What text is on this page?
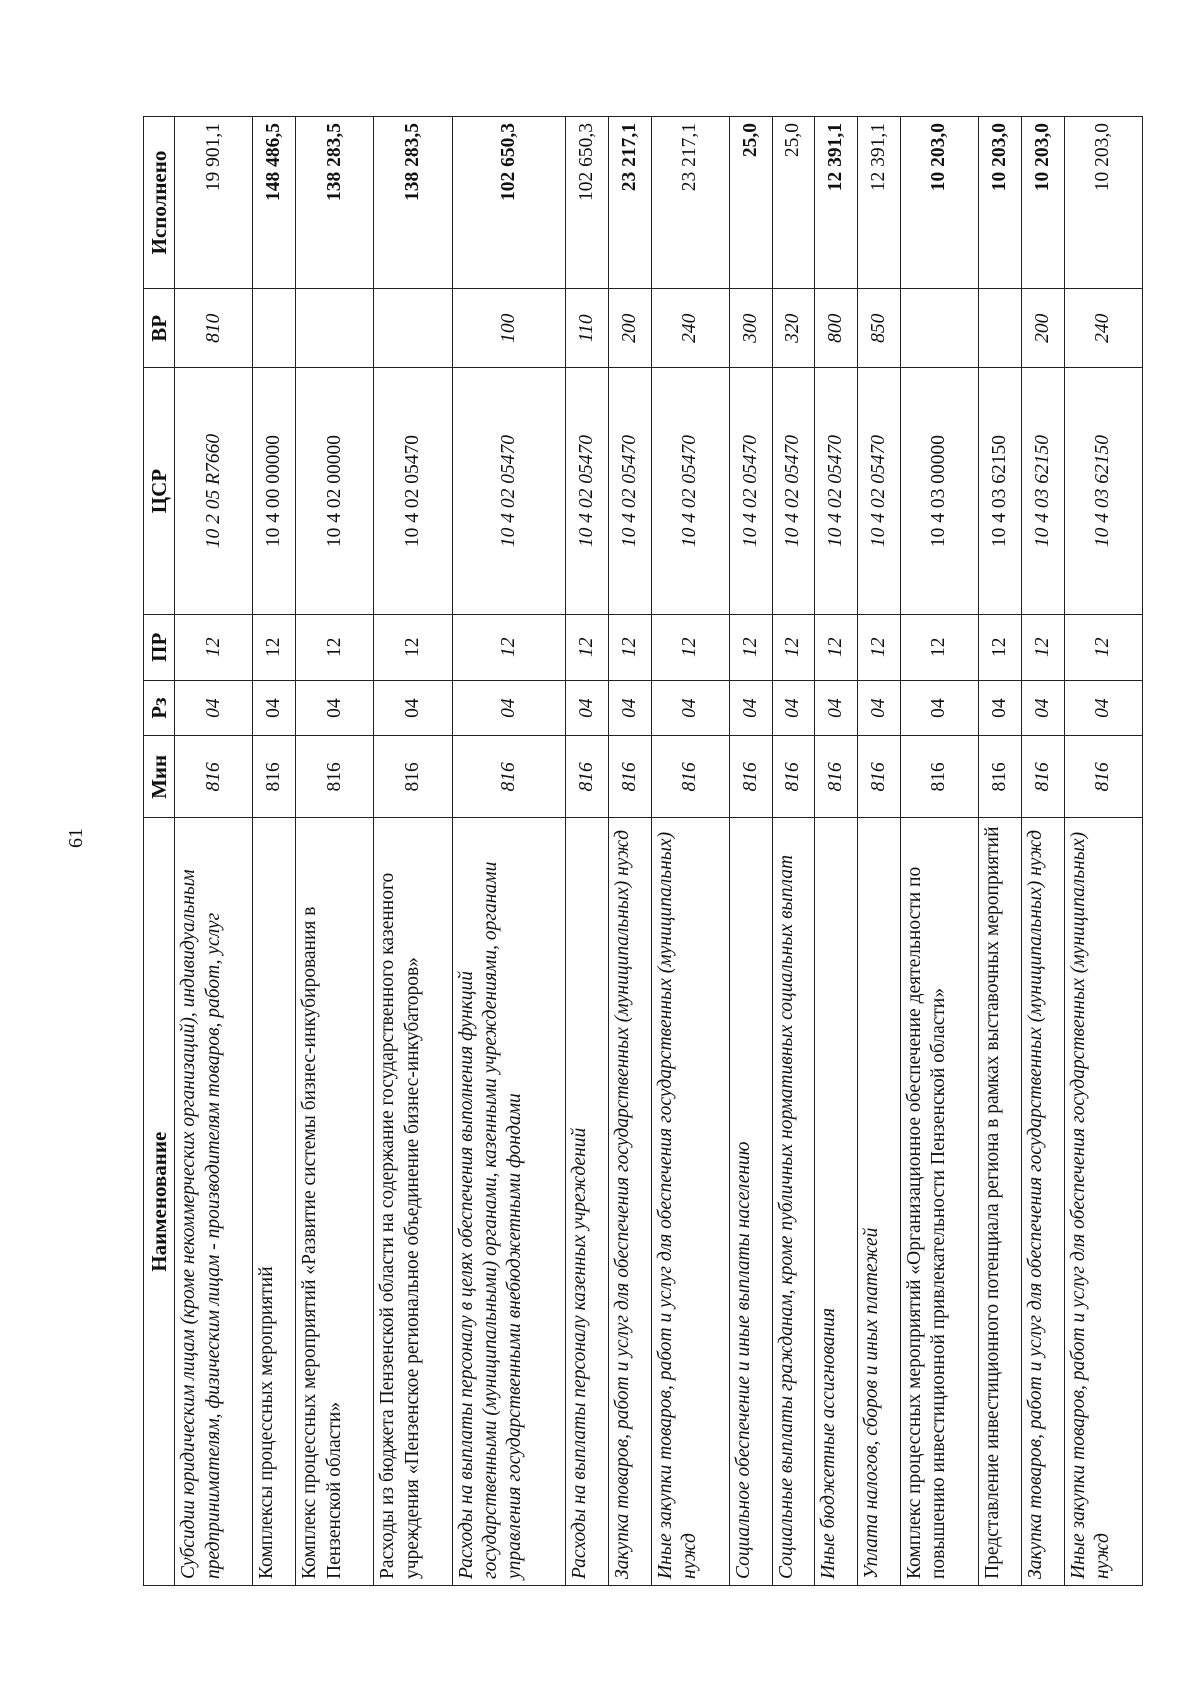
61
Наименование	Мин	Рз	ПР	ЦСР	ВР	Исполнено
Субсидии юридическим лицам (кроме некоммерческих организаций), индивидуальным предпринимателям, физическим лицам - производителям товаров, работ, услуг	816	04	12	10 2 05 R7660	810	19 901,1
Комплексы процессных мероприятий	816	04	12	10 4 00 00000		148 486,5
Комплекс процессных мероприятий «Развитие системы бизнес-инкубирования в Пензенской области»	816	04	12	10 4 02 00000		138 283,5
Расходы из бюджета Пензенской области на содержание государственного казенного учреждения «Пензенское региональное объединение бизнес-инкубаторов»	816	04	12	10 4 02 05470		138 283,5
Расходы на выплаты персоналу в целях обеспечения выполнения функций государственными (муниципальными) органами, казенными учреждениями, органами управления государственными внебюджетными фондами	816	04	12	10 4 02 05470	100	102 650,3
Расходы на выплаты персоналу казенных учреждений	816	04	12	10 4 02 05470	110	102 650,3
Закупка товаров, работ и услуг для обеспечения государственных (муниципальных) нужд	816	04	12	10 4 02 05470	200	23 217,1
Иные закупки товаров, работ и услуг для обеспечения государственных (муниципальных) нужд	816	04	12	10 4 02 05470	240	23 217,1
Социальное обеспечение и иные выплаты населению	816	04	12	10 4 02 05470	300	25,0
Социальные выплаты гражданам, кроме публичных нормативных социальных выплат	816	04	12	10 4 02 05470	320	25,0
Иные бюджетные ассигнования	816	04	12	10 4 02 05470	800	12 391,1
Уплата налогов, сборов и иных платежей	816	04	12	10 4 02 05470	850	12 391,1
Комплекс процессных мероприятий «Организационное обеспечение деятельности по повышению инвестиционной привлекательности Пензенской области»	816	04	12	10 4 03 00000		10 203,0
Представление инвестиционного потенциала региона в рамках выставочных мероприятий	816	04	12	10 4 03 62150		10 203,0
Закупка товаров, работ и услуг для обеспечения государственных (муниципальных) нужд	816	04	12	10 4 03 62150	200	10 203,0
Иные закупки товаров, работ и услуг для обеспечения государственных (муниципальных) нужд	816	04	12	10 4 03 62150	240	10 203,0
